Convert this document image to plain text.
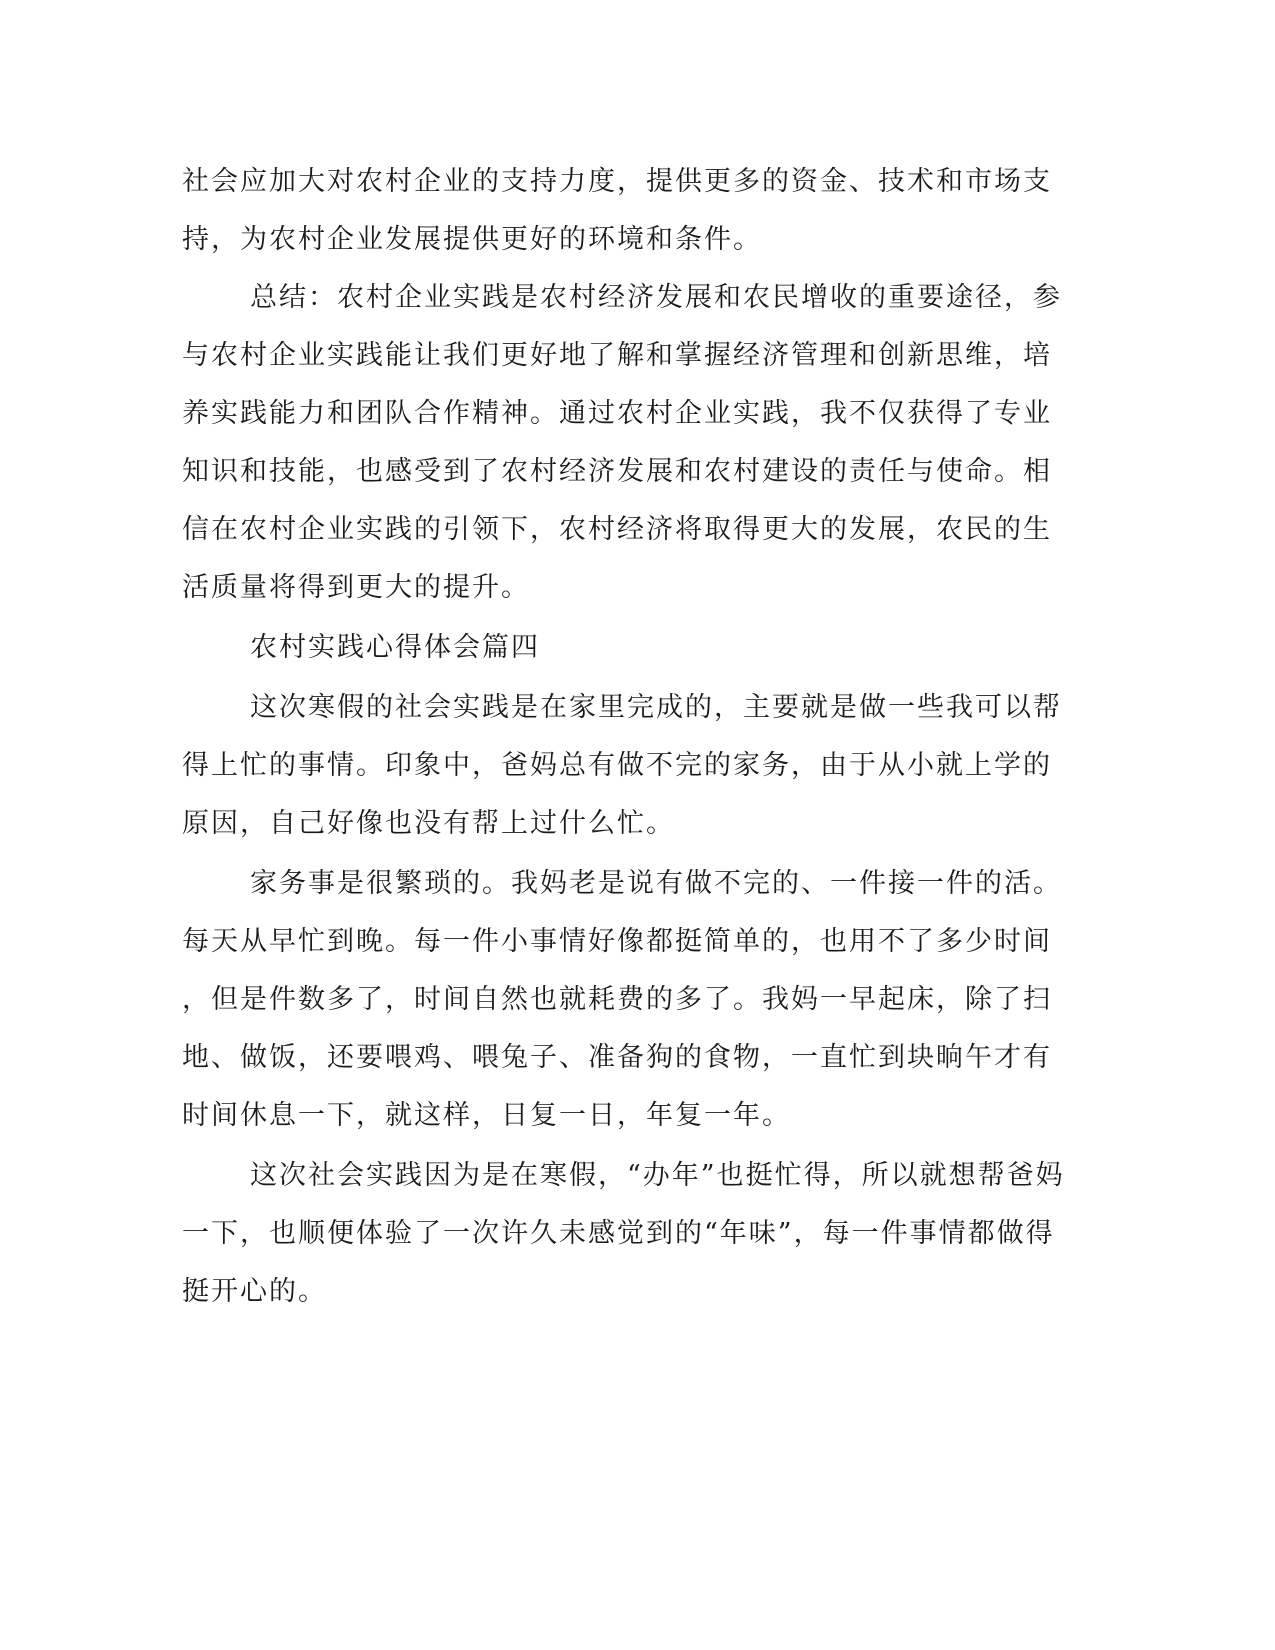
社会应加大对农村企业的支持力度，提供更多的资金、技术和市场支
持，为农村企业发展提供更好的环境和条件。
总结：农村企业实践是农村经济发展和农民增收的重要途径，参
与农村企业实践能让我们更好地了解和掌握经济管理和创新思维，培
养实践能力和团队合作精神。通过农村企业实践，我不仅获得了专业
知识和技能，也感受到了农村经济发展和农村建设的责任与使命。相
信在农村企业实践的引领下，农村经济将取得更大的发展，农民的生
活质量将得到更大的提升。
农村实践心得体会篇四
这次寒假的社会实践是在家里完成的，主要就是做一些我可以帮
得上忙的事情。印象中，爸妈总有做不完的家务，由于从小就上学的
原因，自己好像也没有帮上过什么忙。
家务事是很繁琐的。我妈老是说有做不完的、一件接一件的活。
每天从早忙到晚。每一件小事情好像都挺简单的，也用不了多少时间
，但是件数多了，时间自然也就耗费的多了。我妈一早起床，除了扫
地、做饭，还要喂鸡、喂兔子、准备狗的食物，一直忙到块晌午才有
时间休息一下，就这样，日复一日，年复一年。
这次社会实践因为是在寒假，“办年”也挺忙得，所以就想帮爸妈
一下，也顺便体验了一次许久未感觉到的“年味”，每一件事情都做得
挺开心的。
